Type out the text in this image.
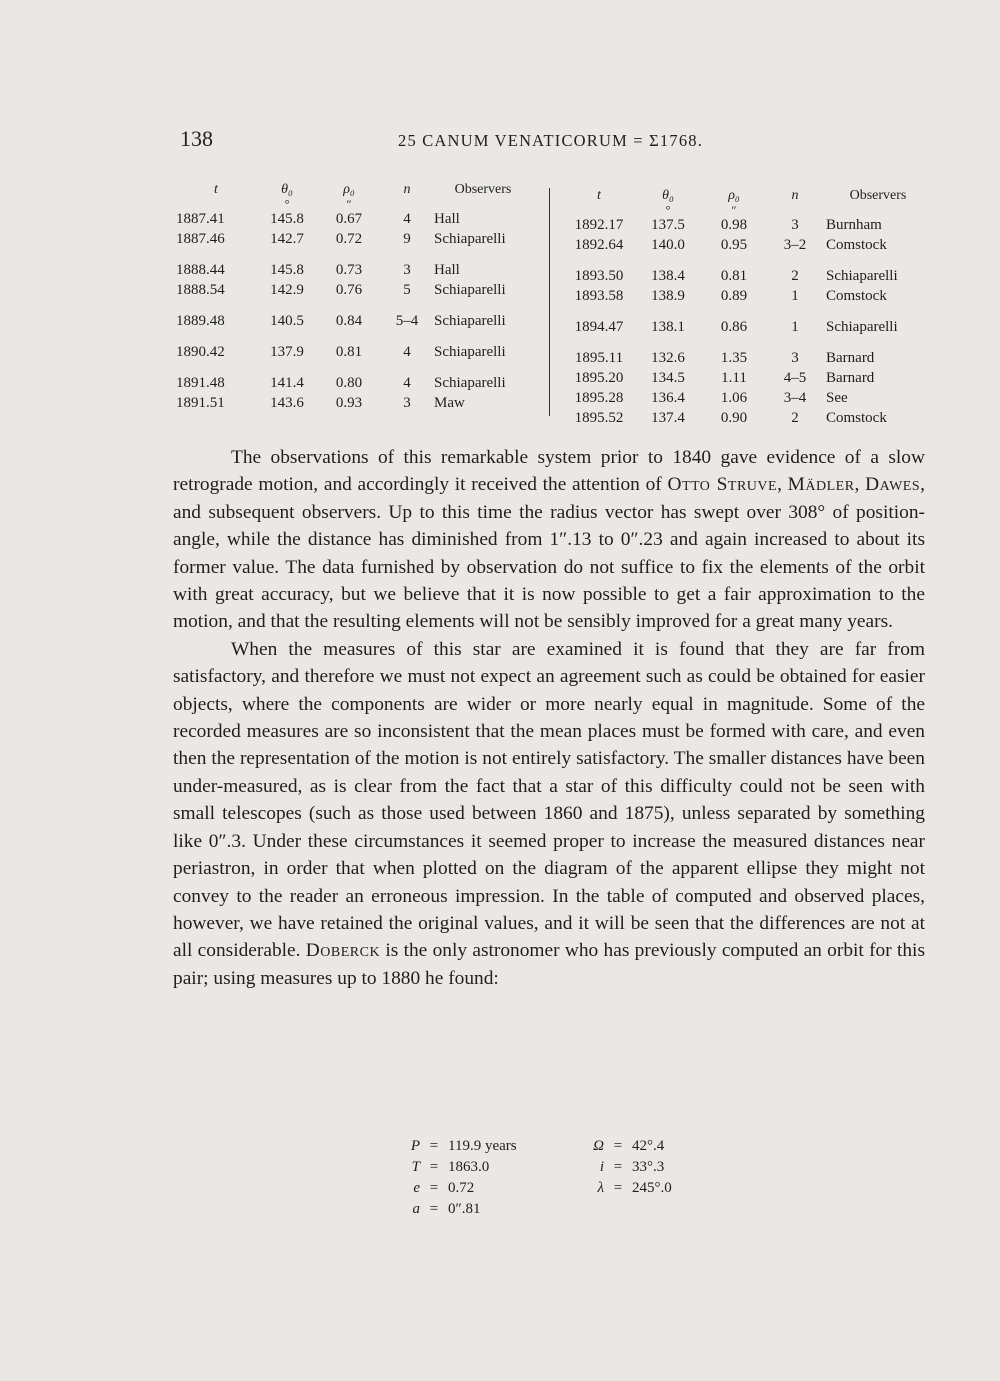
138	25 CANUM VENATICORUM = Σ1768.
t	θ₀	ρ₀	n	Observers
	°	″		
1887.41	145.8	0.67	4	Hall
1887.46	142.7	0.72	9	Schiaparelli

1888.44	145.8	0.73	3	Hall
1888.54	142.9	0.76	5	Schiaparelli

1889.48	140.5	0.84	5–4	Schiaparelli

1890.42	137.9	0.81	4	Schiaparelli

1891.48	141.4	0.80	4	Schiaparelli
1891.51	143.6	0.93	3	Maw
t	θ₀	ρ₀	n	Observers
	°	″		
1892.17	137.5	0.98	3	Burnham
1892.64	140.0	0.95	3–2	Comstock

1893.50	138.4	0.81	2	Schiaparelli
1893.58	138.9	0.89	1	Comstock

1894.47	138.1	0.86	1	Schiaparelli

1895.11	132.6	1.35	3	Barnard
1895.20	134.5	1.11	4–5	Barnard
1895.28	136.4	1.06	3–4	See
1895.52	137.4	0.90	2	Comstock

The observations of this remarkable system prior to 1840 gave evidence of a slow retrograde motion, and accordingly it received the attention of Otto Struve, Mädler, Dawes, and subsequent observers. Up to this time the radius vector has swept over 308° of position-angle, while the distance has diminished from 1″.13 to 0″.23 and again increased to about its former value. The data furnished by observation do not suffice to fix the elements of the orbit with great accuracy, but we believe that it is now possible to get a fair approximation to the motion, and that the resulting elements will not be sensibly improved for a great many years.

When the measures of this star are examined it is found that they are far from satisfactory, and therefore we must not expect an agreement such as could be obtained for easier objects, where the components are wider or more nearly equal in magnitude. Some of the recorded measures are so inconsistent that the mean places must be formed with care, and even then the representation of the motion is not entirely satisfactory. The smaller distances have been under-measured, as is clear from the fact that a star of this difficulty could not be seen with small telescopes (such as those used between 1860 and 1875), unless separated by something like 0″.3. Under these circumstances it seemed proper to increase the measured distances near periastron, in order that when plotted on the diagram of the apparent ellipse they might not convey to the reader an erroneous impression. In the table of computed and observed places, however, we have retained the original values, and it will be seen that the differences are not at all considerable. Doberck is the only astronomer who has previously computed an orbit for this pair; using measures up to 1880 he found:

P = 119.9 years
T = 1863.0
e = 0.72
a = 0″.81
Ω = 42°.4
i = 33°.3
λ = 245°.0
